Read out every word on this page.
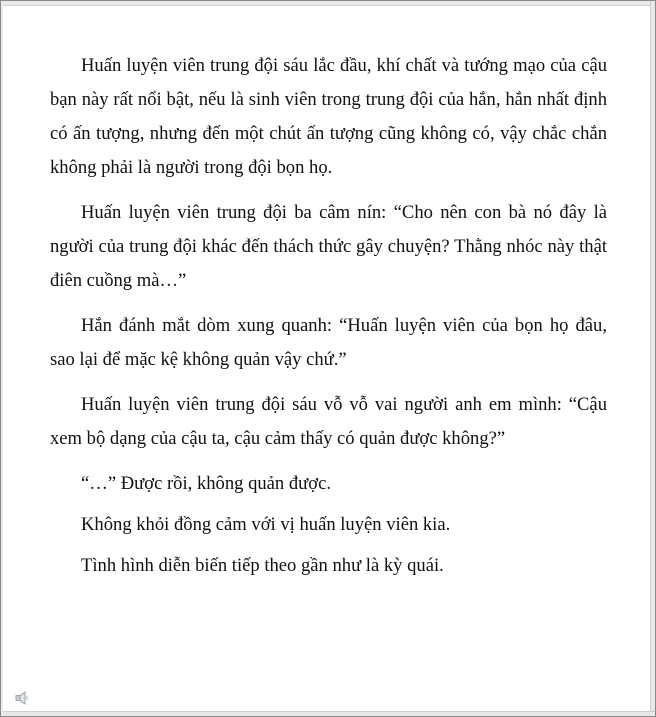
Huấn luyện viên trung đội sáu lắc đầu, khí chất và tướng mạo của cậu bạn này rất nổi bật, nếu là sinh viên trong trung đội của hắn, hắn nhất định có ấn tượng, nhưng đến một chút ấn tượng cũng không có, vậy chắc chắn không phải là người trong đội bọn họ.

Huấn luyện viên trung đội ba câm nín: “Cho nên con bà nó đây là người của trung đội khác đến thách thức gây chuyện? Thằng nhóc này thật điên cuồng mà…”

Hắn đánh mắt dòm xung quanh: “Huấn luyện viên của bọn họ đâu, sao lại để mặc kệ không quản vậy chứ.”

Huấn luyện viên trung đội sáu vỗ vỗ vai người anh em mình: “Cậu xem bộ dạng của cậu ta, cậu cảm thấy có quản được không?”

“…” Được rồi, không quản được.

Không khỏi đồng cảm với vị huấn luyện viên kia.

Tình hình diễn biến tiếp theo gần như là kỳ quái.
